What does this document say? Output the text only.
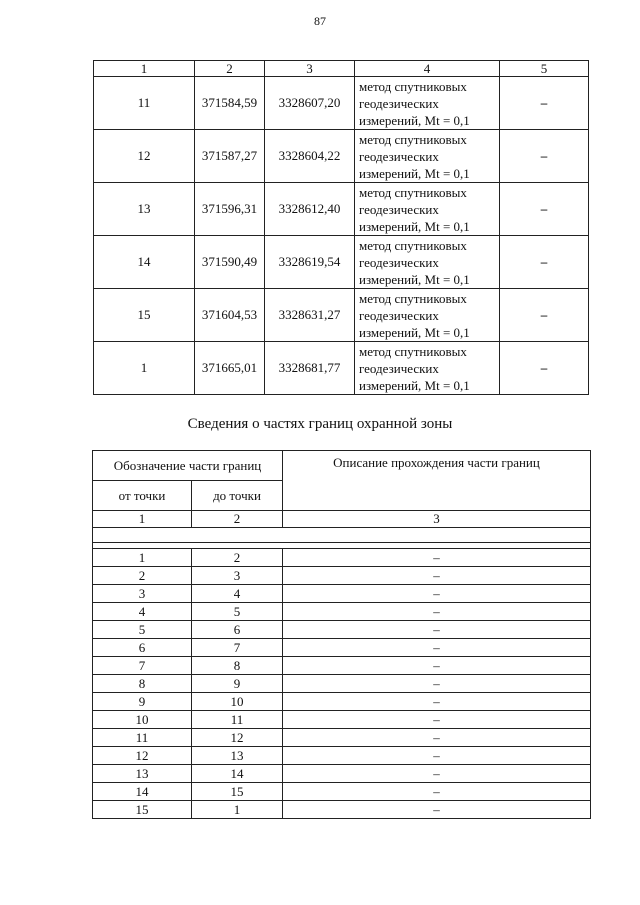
87
1	2	3	4	5
11	371584,59	3328607,20	метод спутниковых
геодезических
измерений, Mt = 0,1	–
12	371587,27	3328604,22	метод спутниковых
геодезических
измерений, Mt = 0,1	–
13	371596,31	3328612,40	метод спутниковых
геодезических
измерений, Mt = 0,1	–
14	371590,49	3328619,54	метод спутниковых
геодезических
измерений, Mt = 0,1	–
15	371604,53	3328631,27	метод спутниковых
геодезических
измерений, Mt = 0,1	–
1	371665,01	3328681,77	метод спутниковых
геодезических
измерений, Mt = 0,1	–
Сведения о частях границ охранной зоны
Обозначение части границ		Описание прохождения части границ
от точки	до точки	
1	2	3

1	2	–
2	3	–
3	4	–
4	5	–
5	6	–
6	7	–
7	8	–
8	9	–
9	10	–
10	11	–
11	12	–
12	13	–
13	14	–
14	15	–
15	1	–
